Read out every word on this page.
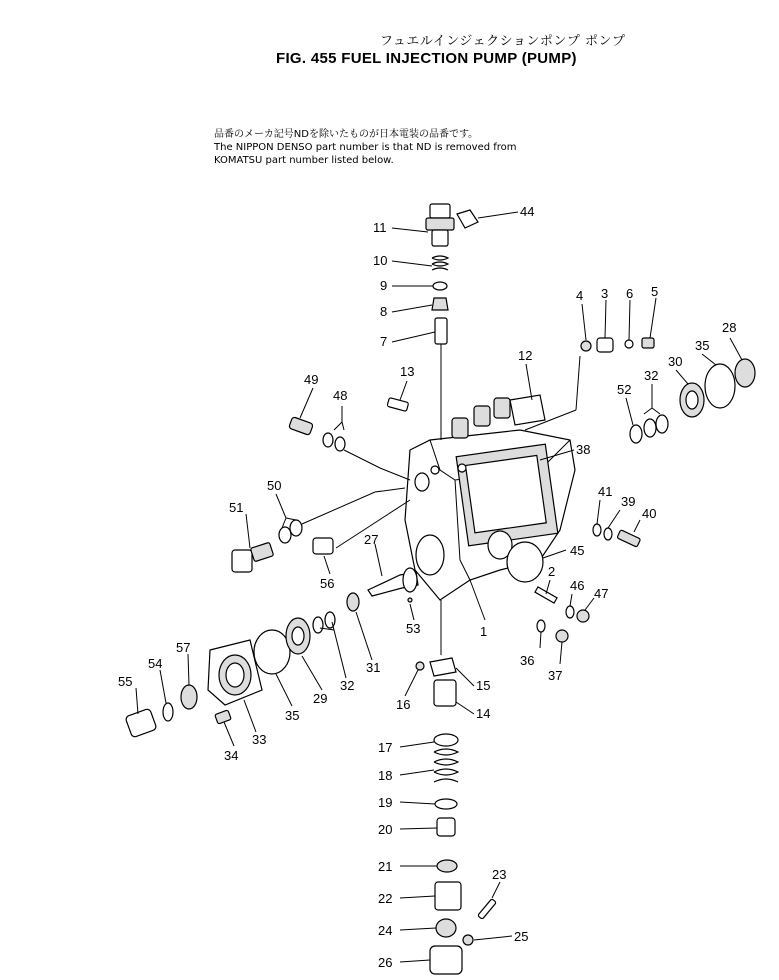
フュエルインジェクションポンプ ポンプ
FIG. 455 FUEL INJECTION PUMP (PUMP)
品番のメーカ記号NDを除いたものが日本電装の品番です。
The NIPPON DENSO part number is that ND is removed from
KOMATSU part number listed below.
44
11
10
9
8
7
13
4 3 6 5
12
28
35
30
32
52
38
41
39
40
45
2
46
47
36
37
1
49
48
50
51
56
27
53
31
32
29
35
57
54
55
33
34
16
15
14
17
18
19
20
21
22
23
24	25
26
